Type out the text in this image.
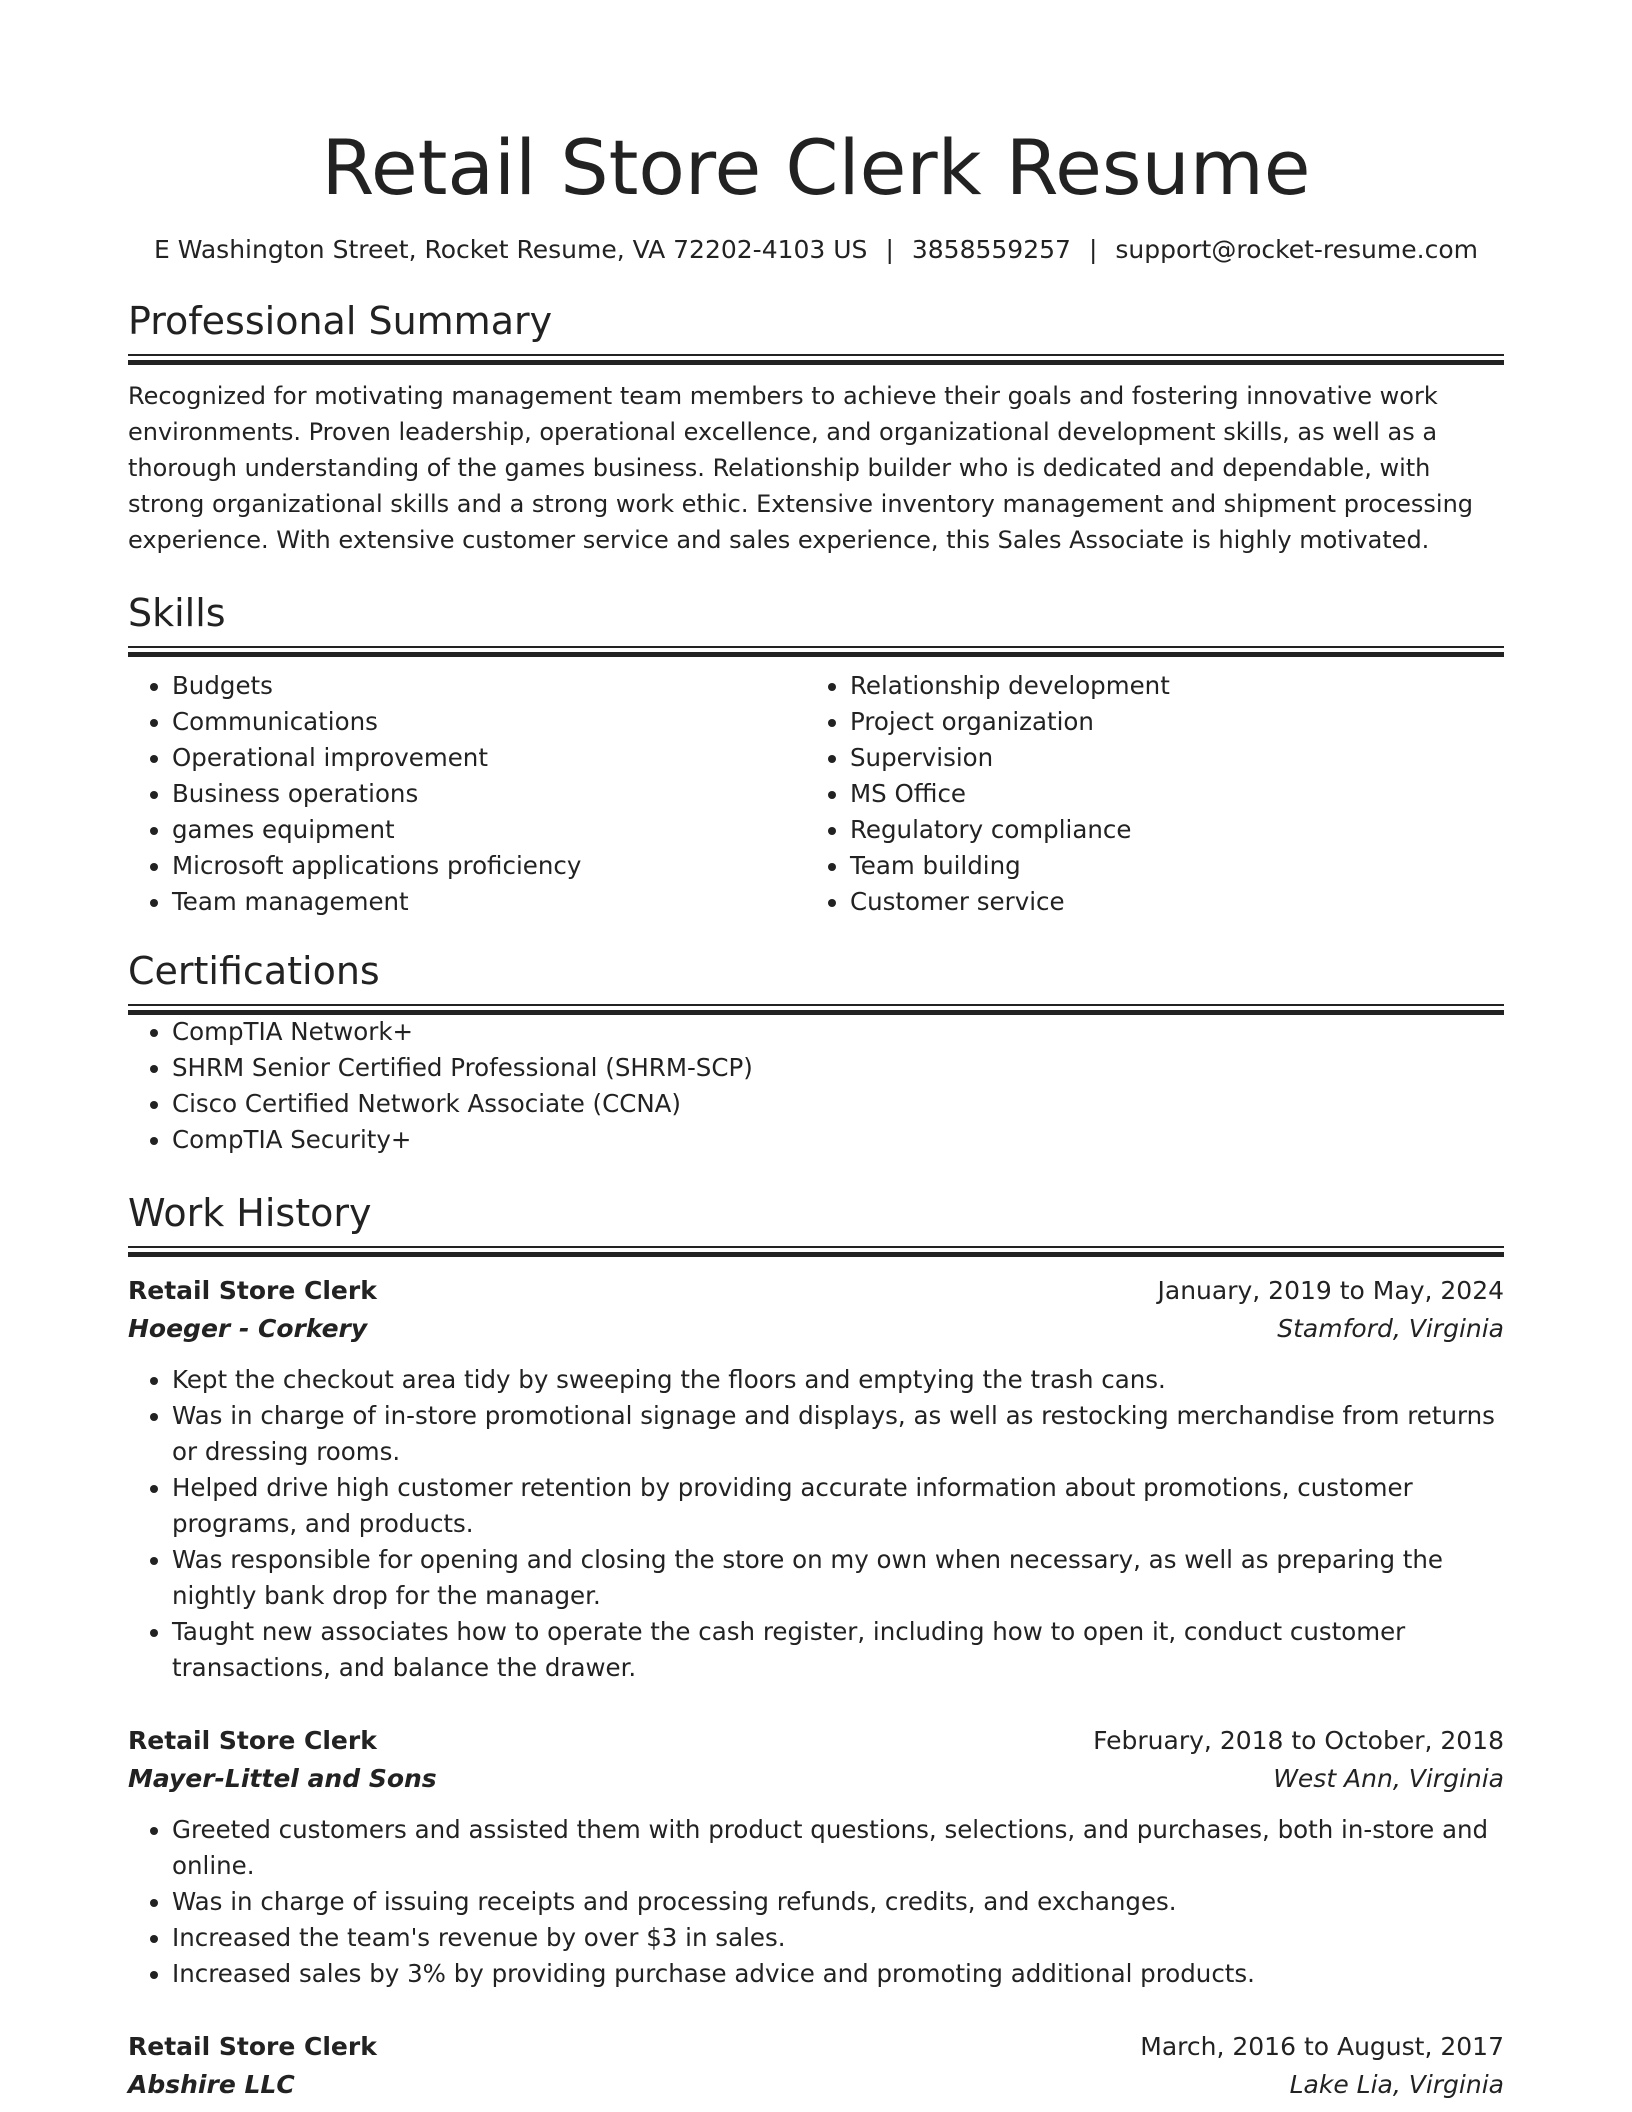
Retail Store Clerk Resume
E Washington Street, Rocket Resume, VA 72202-4103 US | 3858559257 | support@rocket-resume.com
Professional Summary

Recognized for motivating management team members to achieve their goals and fostering innovative work environments. Proven leadership, operational excellence, and organizational development skills, as well as a thorough understanding of the games business. Relationship builder who is dedicated and dependable, with strong organizational skills and a strong work ethic. Extensive inventory management and shipment processing experience. With extensive customer service and sales experience, this Sales Associate is highly motivated.

Skills
• Budgets
• Communications
• Operational improvement
• Business operations
• games equipment
• Microsoft applications proficiency
• Team management
• Relationship development
• Project organization
• Supervision
• MS Office
• Regulatory compliance
• Team building
• Customer service
Certifications
• CompTIA Network+
• SHRM Senior Certified Professional (SHRM-SCP)
• Cisco Certified Network Associate (CCNA)
• CompTIA Security+
Work History
Retail Store Clerk	January, 2019 to May, 2024
Hoeger - Corkery	Stamford, Virginia
• Kept the checkout area tidy by sweeping the floors and emptying the trash cans.
• Was in charge of in-store promotional signage and displays, as well as restocking merchandise from returns or dressing rooms.
• Helped drive high customer retention by providing accurate information about promotions, customer programs, and products.
• Was responsible for opening and closing the store on my own when necessary, as well as preparing the nightly bank drop for the manager.
• Taught new associates how to operate the cash register, including how to open it, conduct customer transactions, and balance the drawer.
Retail Store Clerk	February, 2018 to October, 2018
Mayer-Littel and Sons	West Ann, Virginia
• Greeted customers and assisted them with product questions, selections, and purchases, both in-store and online.
• Was in charge of issuing receipts and processing refunds, credits, and exchanges.
• Increased the team's revenue by over $3 in sales.
• Increased sales by 3% by providing purchase advice and promoting additional products.
Retail Store Clerk	March, 2016 to August, 2017
Abshire LLC	Lake Lia, Virginia
